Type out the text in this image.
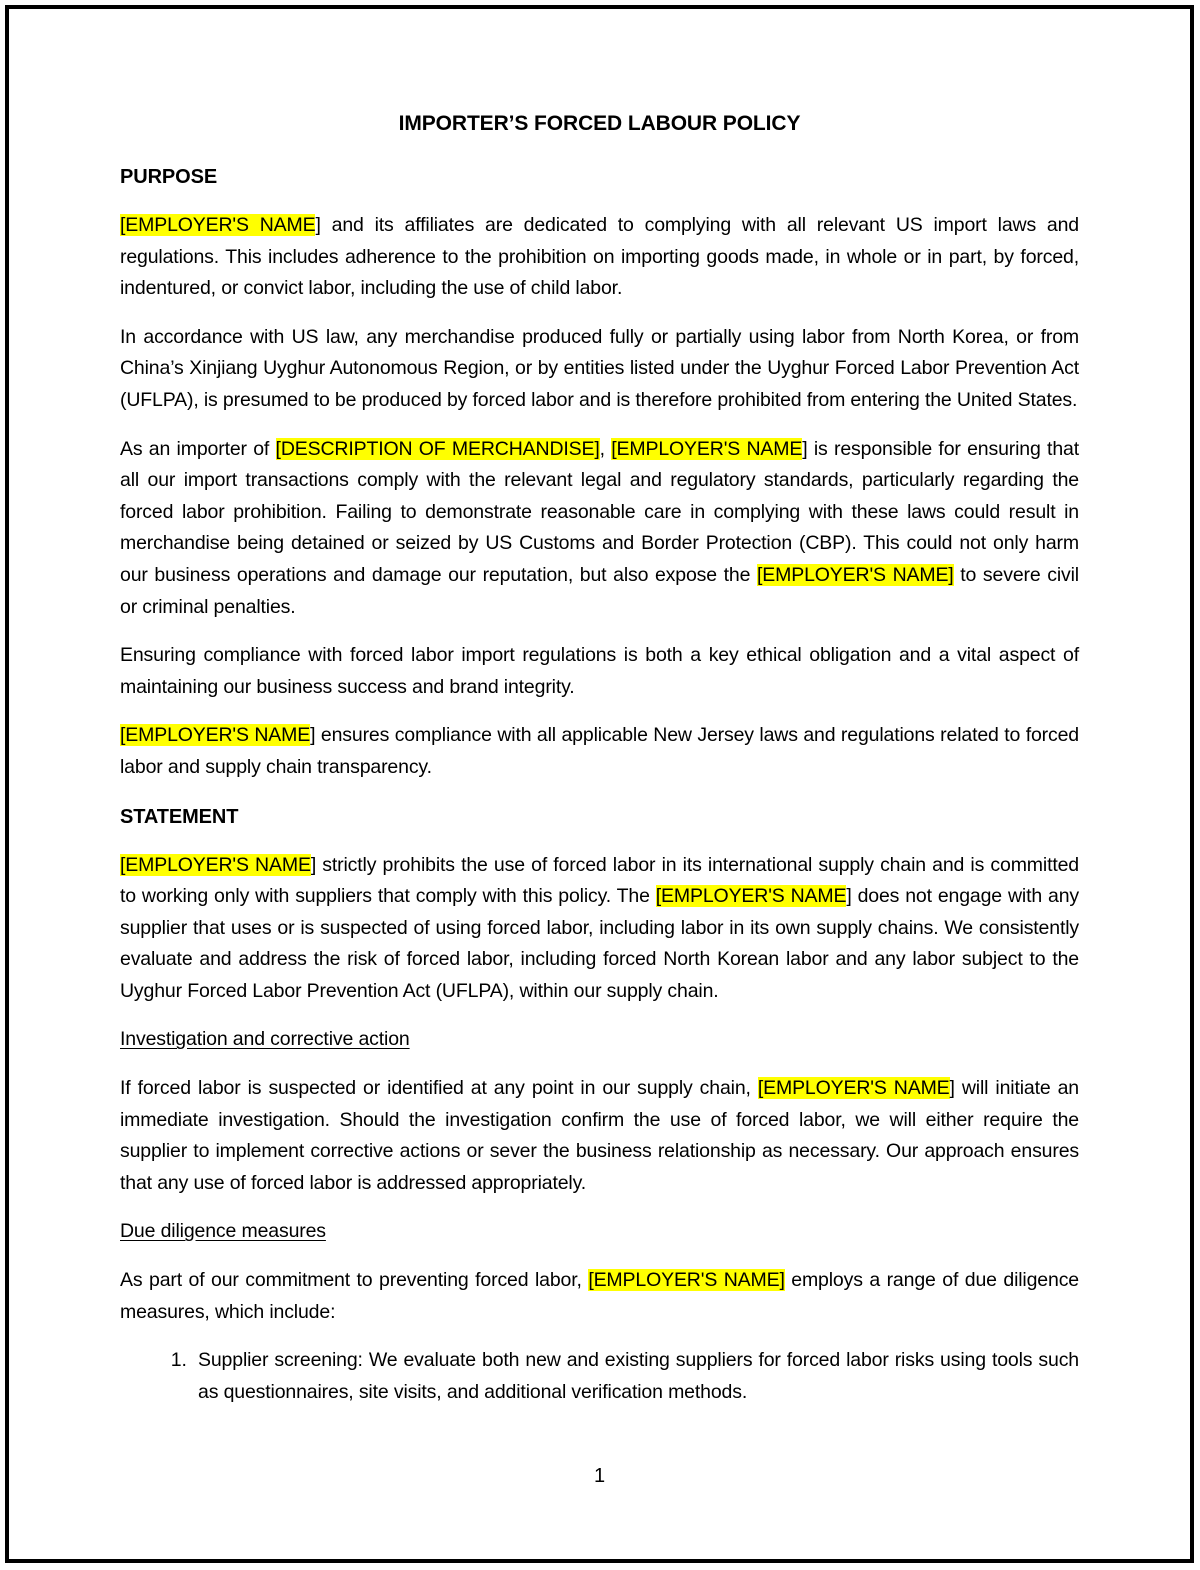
IMPORTER’S FORCED LABOUR POLICY

PURPOSE

[EMPLOYER'S NAME] and its affiliates are dedicated to complying with all relevant US import laws and regulations. This includes adherence to the prohibition on importing goods made, in whole or in part, by forced, indentured, or convict labor, including the use of child labor.

In accordance with US law, any merchandise produced fully or partially using labor from North Korea, or from China’s Xinjiang Uyghur Autonomous Region, or by entities listed under the Uyghur Forced Labor Prevention Act (UFLPA), is presumed to be produced by forced labor and is therefore prohibited from entering the United States.

As an importer of [DESCRIPTION OF MERCHANDISE], [EMPLOYER'S NAME] is responsible for ensuring that all our import transactions comply with the relevant legal and regulatory standards, particularly regarding the forced labor prohibition. Failing to demonstrate reasonable care in complying with these laws could result in merchandise being detained or seized by US Customs and Border Protection (CBP). This could not only harm our business operations and damage our reputation, but also expose the [EMPLOYER'S NAME] to severe civil or criminal penalties.

Ensuring compliance with forced labor import regulations is both a key ethical obligation and a vital aspect of maintaining our business success and brand integrity.

[EMPLOYER'S NAME] ensures compliance with all applicable New Jersey laws and regulations related to forced labor and supply chain transparency.

STATEMENT

[EMPLOYER'S NAME] strictly prohibits the use of forced labor in its international supply chain and is committed to working only with suppliers that comply with this policy. The [EMPLOYER'S NAME] does not engage with any supplier that uses or is suspected of using forced labor, including labor in its own supply chains. We consistently evaluate and address the risk of forced labor, including forced North Korean labor and any labor subject to the Uyghur Forced Labor Prevention Act (UFLPA), within our supply chain.

Investigation and corrective action

If forced labor is suspected or identified at any point in our supply chain, [EMPLOYER'S NAME] will initiate an immediate investigation. Should the investigation confirm the use of forced labor, we will either require the supplier to implement corrective actions or sever the business relationship as necessary. Our approach ensures that any use of forced labor is addressed appropriately.

Due diligence measures

As part of our commitment to preventing forced labor, [EMPLOYER'S NAME] employs a range of due diligence measures, which include:

1. Supplier screening: We evaluate both new and existing suppliers for forced labor risks using tools such as questionnaires, site visits, and additional verification methods.
1
